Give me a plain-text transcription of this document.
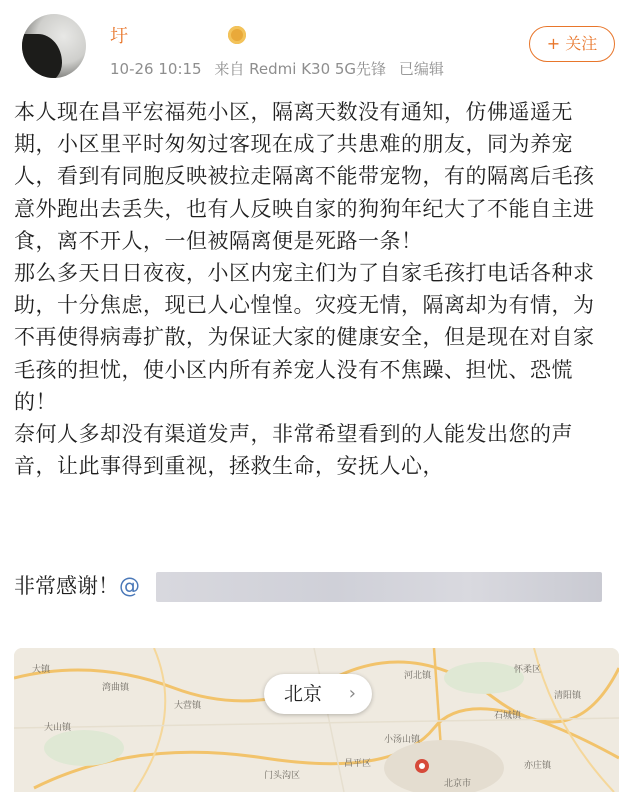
圩
10-26 10:15 来自 Redmi K30 5G先锋 已编辑
+ 关注

本人现在昌平宏福苑小区，隔离天数没有通知，仿佛遥遥无期，小区里平时匆匆过客现在成了共患难的朋友，同为养宠人，看到有同胞反映被拉走隔离不能带宠物，有的隔离后毛孩意外跑出去丢失，也有人反映自家的狗狗年纪大了不能自主进食，离不开人，一但被隔离便是死路一条！

那么多天日日夜夜，小区内宠主们为了自家毛孩打电话各种求助，十分焦虑，现已人心惶惶。灾疫无情，隔离却为有情，为不再使得病毒扩散，为保证大家的健康安全，但是现在对自家毛孩的担忧，使小区内所有养宠人没有不焦躁、担忧、恐慌的！

奈何人多却没有渠道发声，非常希望看到的人能发出您的声音，让此事得到重视，拯救生命，安抚人心，

非常感谢！@
大镇
湾曲镇
大山镇
大营镇
河北镇
怀柔区
石城镇
小汤山镇
清阳镇
门头沟区
昌平区	亦庄镇
北京市
北京 ›
